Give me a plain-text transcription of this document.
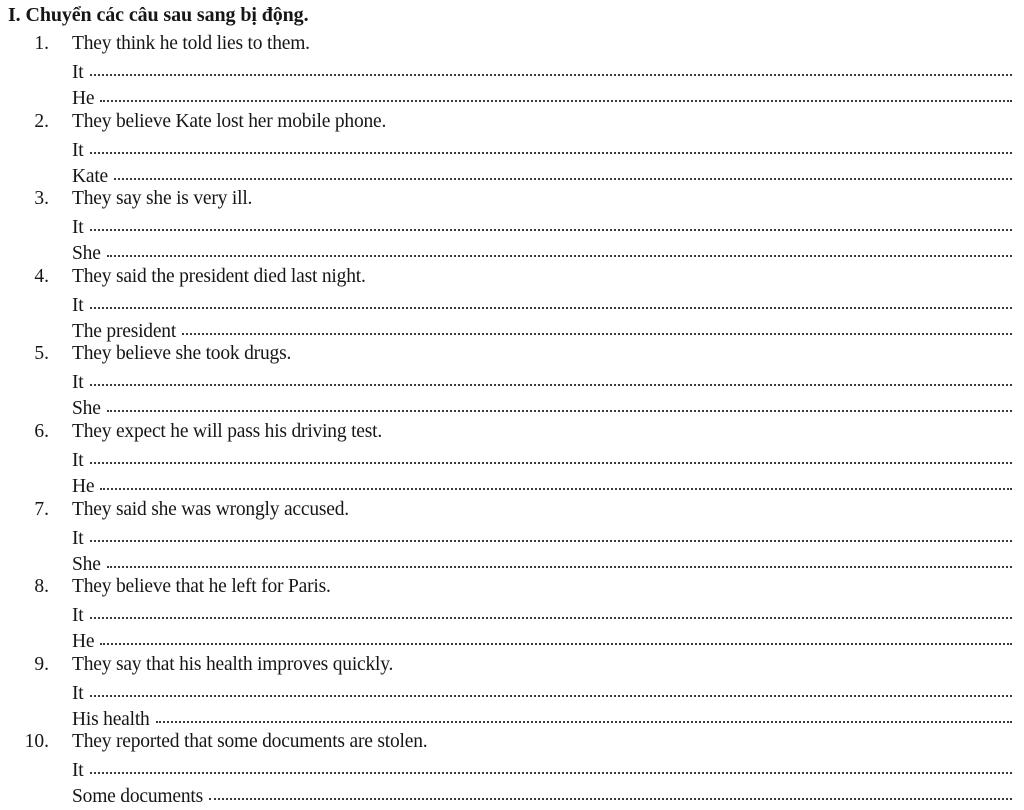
I. Chuyển các câu sau sang bị động.
1. They think he told lies to them.
It
He
2. They believe Kate lost her mobile phone.
It
Kate
3. They say she is very ill.
It
She
4. They said the president died last night.
It
The president
5. They believe she took drugs.
It
She
6. They expect he will pass his driving test.
It
He
7. They said she was wrongly accused.
It
She
8. They believe that he left for Paris.
It
He
9. They say that his health improves quickly.
It
His health
10. They reported that some documents are stolen.
It
Some documents
